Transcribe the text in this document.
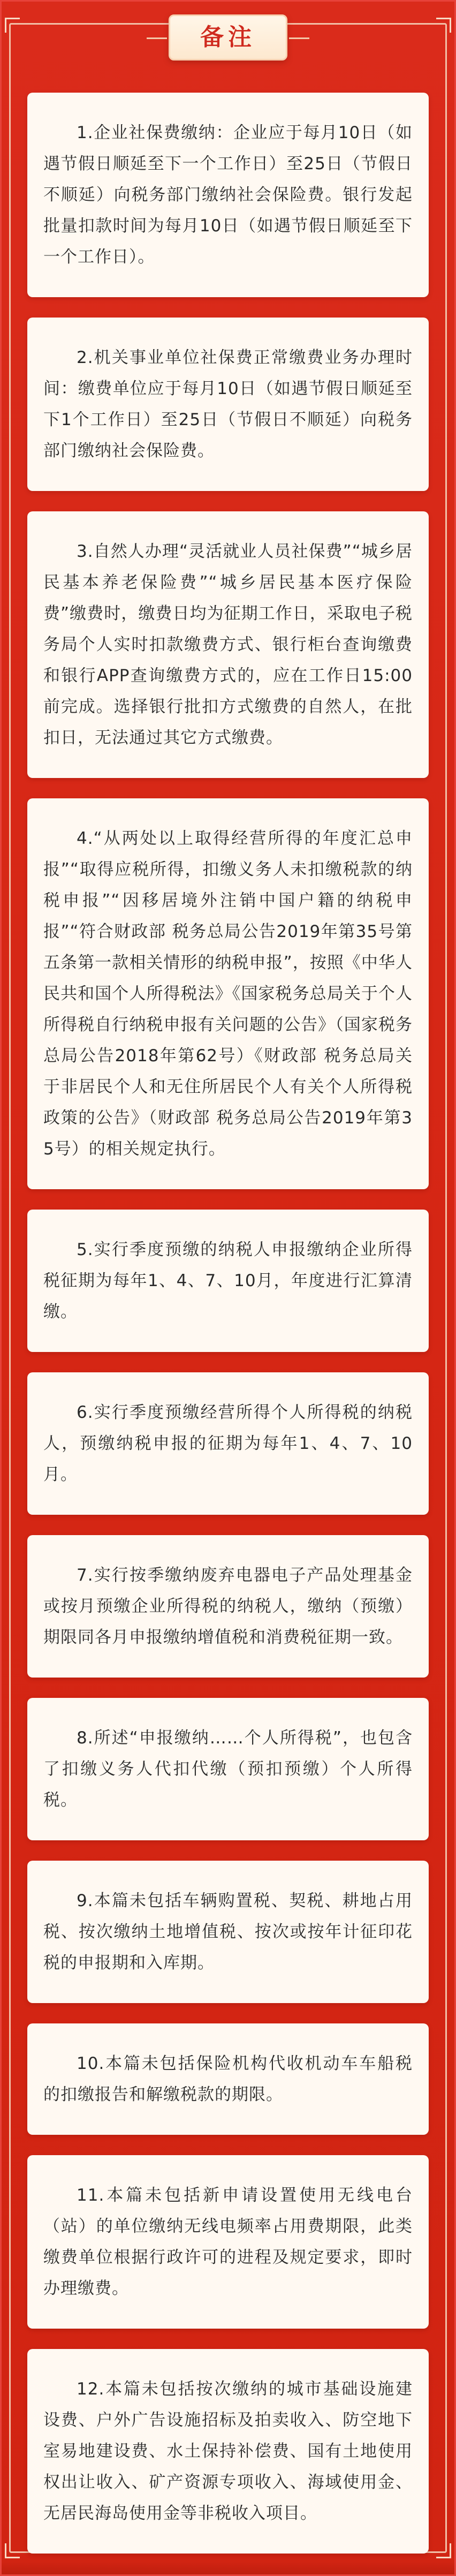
备注

1.企业社保费缴纳：企业应于每月10日（如遇节假日顺延至下一个工作日）至25日（节假日不顺延）向税务部门缴纳社会保险费。银行发起批量扣款时间为每月10日（如遇节假日顺延至下一个工作日）。

2.机关事业单位社保费正常缴费业务办理时间：缴费单位应于每月10日（如遇节假日顺延至下1个工作日）至25日（节假日不顺延）向税务部门缴纳社会保险费。

3.自然人办理“灵活就业人员社保费”“城乡居民基本养老保险费”“城乡居民基本医疗保险费”缴费时，缴费日均为征期工作日，采取电子税务局个人实时扣款缴费方式、银行柜台查询缴费和银行APP查询缴费方式的，应在工作日15:00前完成。选择银行批扣方式缴费的自然人，在批扣日，无法通过其它方式缴费。

4.“从两处以上取得经营所得的年度汇总申报”“取得应税所得，扣缴义务人未扣缴税款的纳税申报”“因移居境外注销中国户籍的纳税申报”“符合财政部 税务总局公告2019年第35号第五条第一款相关情形的纳税申报”，按照《中华人民共和国个人所得税法》《国家税务总局关于个人所得税自行纳税申报有关问题的公告》（国家税务总局公告2018年第62号）《财政部 税务总局关于非居民个人和无住所居民个人有关个人所得税政策的公告》（财政部 税务总局公告2019年第35号）的相关规定执行。

5.实行季度预缴的纳税人申报缴纳企业所得税征期为每年1、4、7、10月，年度进行汇算清缴。

6.实行季度预缴经营所得个人所得税的纳税人，预缴纳税申报的征期为每年1、4、7、10月。

7.实行按季缴纳废弃电器电子产品处理基金或按月预缴企业所得税的纳税人，缴纳（预缴）期限同各月申报缴纳增值税和消费税征期一致。

8.所述“申报缴纳……个人所得税”，也包含了扣缴义务人代扣代缴（预扣预缴）个人所得税。

9.本篇未包括车辆购置税、契税、耕地占用税、按次缴纳土地增值税、按次或按年计征印花税的申报期和入库期。

10.本篇未包括保险机构代收机动车车船税的扣缴报告和解缴税款的期限。

11.本篇未包括新申请设置使用无线电台（站）的单位缴纳无线电频率占用费期限，此类缴费单位根据行政许可的进程及规定要求，即时办理缴费。

12.本篇未包括按次缴纳的城市基础设施建设费、户外广告设施招标及拍卖收入、防空地下室易地建设费、水土保持补偿费、国有土地使用权出让收入、矿产资源专项收入、海域使用金、无居民海岛使用金等非税收入项目。
